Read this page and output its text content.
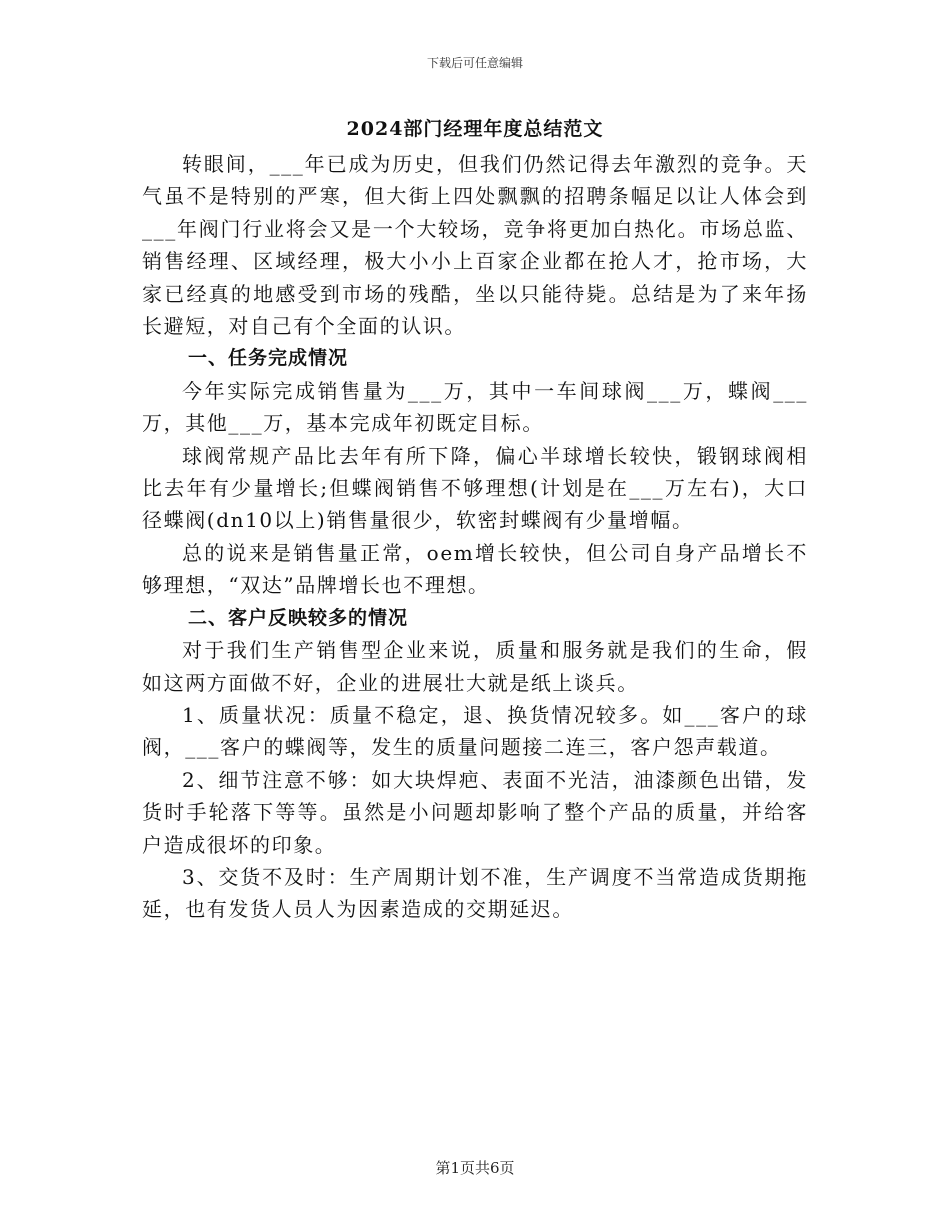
下载后可任意编辑
2024部门经理年度总结范文

转眼间，___年已成为历史，但我们仍然记得去年激烈的竞争。天气虽不是特别的严寒，但大街上四处飘飘的招聘条幅足以让人体会到___年阀门行业将会又是一个大较场，竞争将更加白热化。市场总监、销售经理、区域经理，极大小小上百家企业都在抢人才，抢市场，大家已经真的地感受到市场的残酷，坐以只能待毙。总结是为了来年扬长避短，对自己有个全面的认识。

一、任务完成情况

今年实际完成销售量为___万，其中一车间球阀___万，蝶阀___万，其他___万，基本完成年初既定目标。

球阀常规产品比去年有所下降，偏心半球增长较快，锻钢球阀相比去年有少量增长;但蝶阀销售不够理想(计划是在___万左右)，大口径蝶阀(dn10以上)销售量很少，软密封蝶阀有少量增幅。

总的说来是销售量正常，oem增长较快，但公司自身产品增长不够理想，“双达”品牌增长也不理想。

二、客户反映较多的情况

对于我们生产销售型企业来说，质量和服务就是我们的生命，假如这两方面做不好，企业的进展壮大就是纸上谈兵。

1、质量状况：质量不稳定，退、换货情况较多。如___客户的球阀，___客户的蝶阀等，发生的质量问题接二连三，客户怨声载道。

2、细节注意不够：如大块焊疤、表面不光洁，油漆颜色出错，发货时手轮落下等等。虽然是小问题却影响了整个产品的质量，并给客户造成很坏的印象。

3、交货不及时：生产周期计划不准，生产调度不当常造成货期拖延，也有发货人员人为因素造成的交期延迟。

第1页共6页
